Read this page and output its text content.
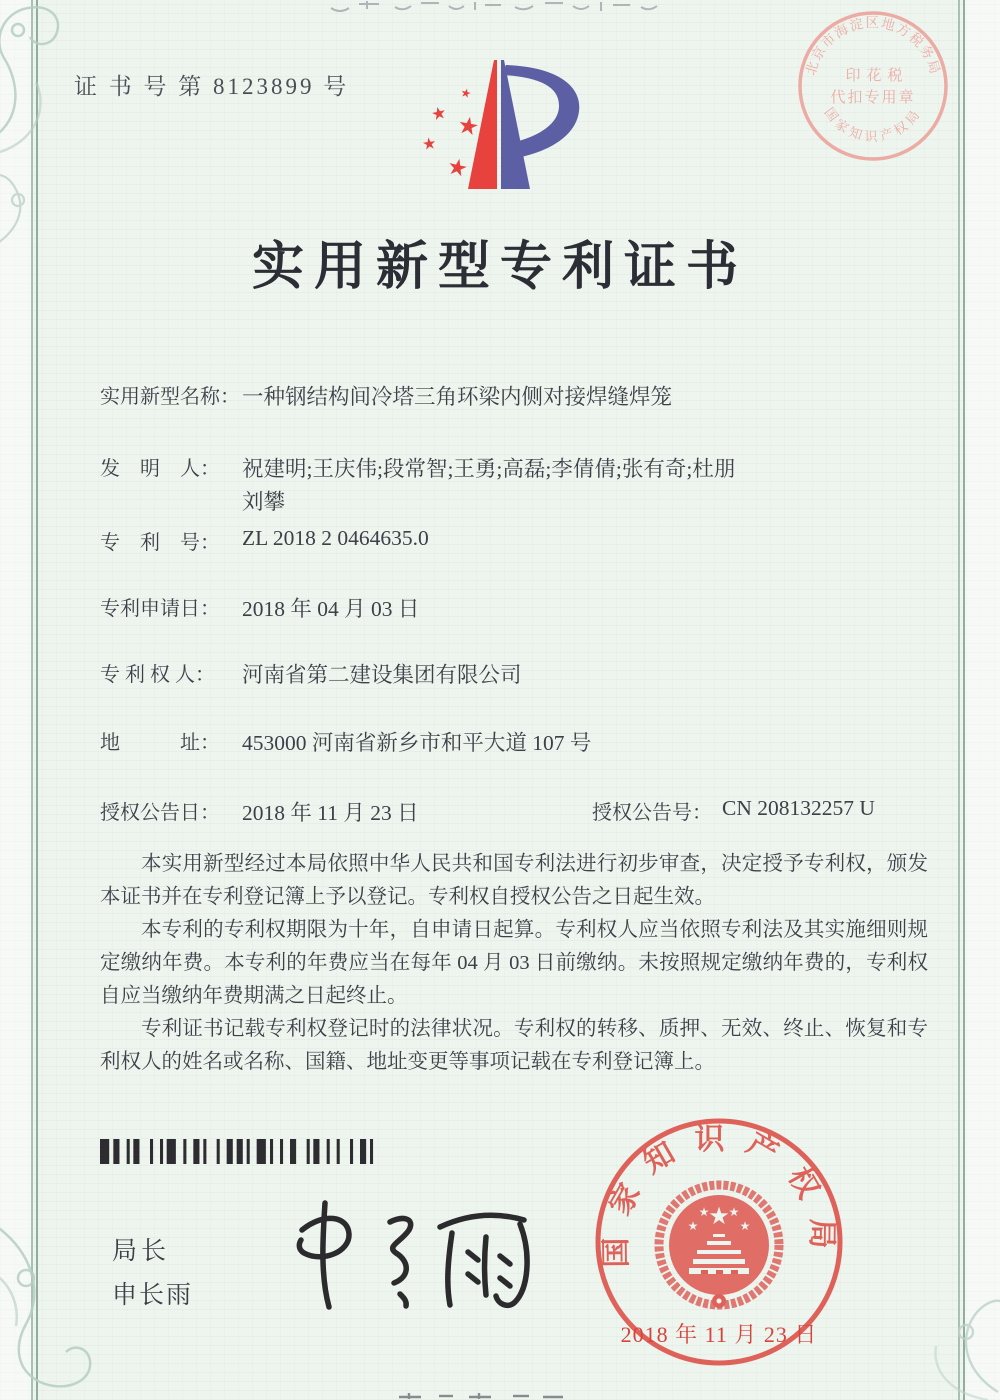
证 书 号 第 8123899 号	★
★ ★
★
★
实用新型专利证书
实用新型名称： 一种钢结构间冷塔三角环梁内侧对接焊缝焊笼
发　明　人： 祝建明;王庆伟;段常智;王勇;高磊;李倩倩;张有奇;杜朋
刘攀
专　利　号： ZL 2018 2 0464635.0
专利申请日： 2018 年 04 月 03 日
专 利 权 人： 河南省第二建设集团有限公司
地　　　址： 453000 河南省新乡市和平大道 107 号
授权公告日： 2018 年 11 月 23 日	授权公告号： CN 208132257 U

本实用新型经过本局依照中华人民共和国专利法进行初步审查，决定授予专利权，颁发本证书并在专利登记簿上予以登记。专利权自授权公告之日起生效。

本专利的专利权期限为十年，自申请日起算。专利权人应当依照专利法及其实施细则规定缴纳年费。本专利的年费应当在每年 04 月 03 日前缴纳。未按照规定缴纳年费的，专利权自应当缴纳年费期满之日起终止。

专利证书记载专利权登记时的法律状况。专利权的转移、质押、无效、终止、恢复和专利权人的姓名或名称、国籍、地址变更等事项记载在专利登记簿上。

局长
申长雨
国家知识产权局
★
★
★ ★
★
2018 年 11 月 23 日
北京市海淀区地方税务局
国家知识产权局
印花税
代扣专用章
